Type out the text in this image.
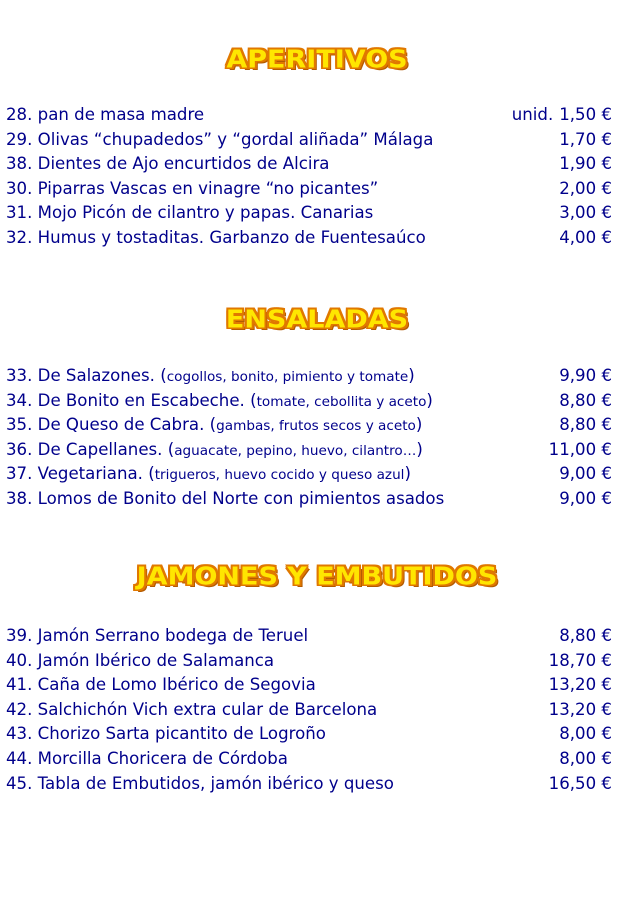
APERITIVOS
28. pan de masa madre	unid. 1,50 €
29. Olivas “chupadedos” y “gordal aliñada” Málaga	1,70 €
38. Dientes de Ajo encurtidos de Alcira	1,90 €
30. Piparras Vascas en vinagre “no picantes”	2,00 €
31. Mojo Picón de cilantro y papas. Canarias	3,00 €
32. Humus y tostaditas. Garbanzo de Fuentesaúco	4,00 €
ENSALADAS
33. De Salazones. (cogollos, bonito, pimiento y tomate)	9,90 €
34. De Bonito en Escabeche. (tomate, cebollita y aceto)	8,80 €
35. De Queso de Cabra. (gambas, frutos secos y aceto)	8,80 €
36. De Capellanes. (aguacate, pepino, huevo, cilantro…)	11,00 €
37. Vegetariana. (trigueros, huevo cocido y queso azul)	9,00 €
38. Lomos de Bonito del Norte con pimientos asados	9,00 €
JAMONES Y EMBUTIDOS
39. Jamón Serrano bodega de Teruel	8,80 €
40. Jamón Ibérico de Salamanca	18,70 €
41. Caña de Lomo Ibérico de Segovia	13,20 €
42. Salchichón Vich extra cular de Barcelona	13,20 €
43. Chorizo Sarta picantito de Logroño	8,00 €
44. Morcilla Choricera de Córdoba	8,00 €
45. Tabla de Embutidos, jamón ibérico y queso	16,50 €
